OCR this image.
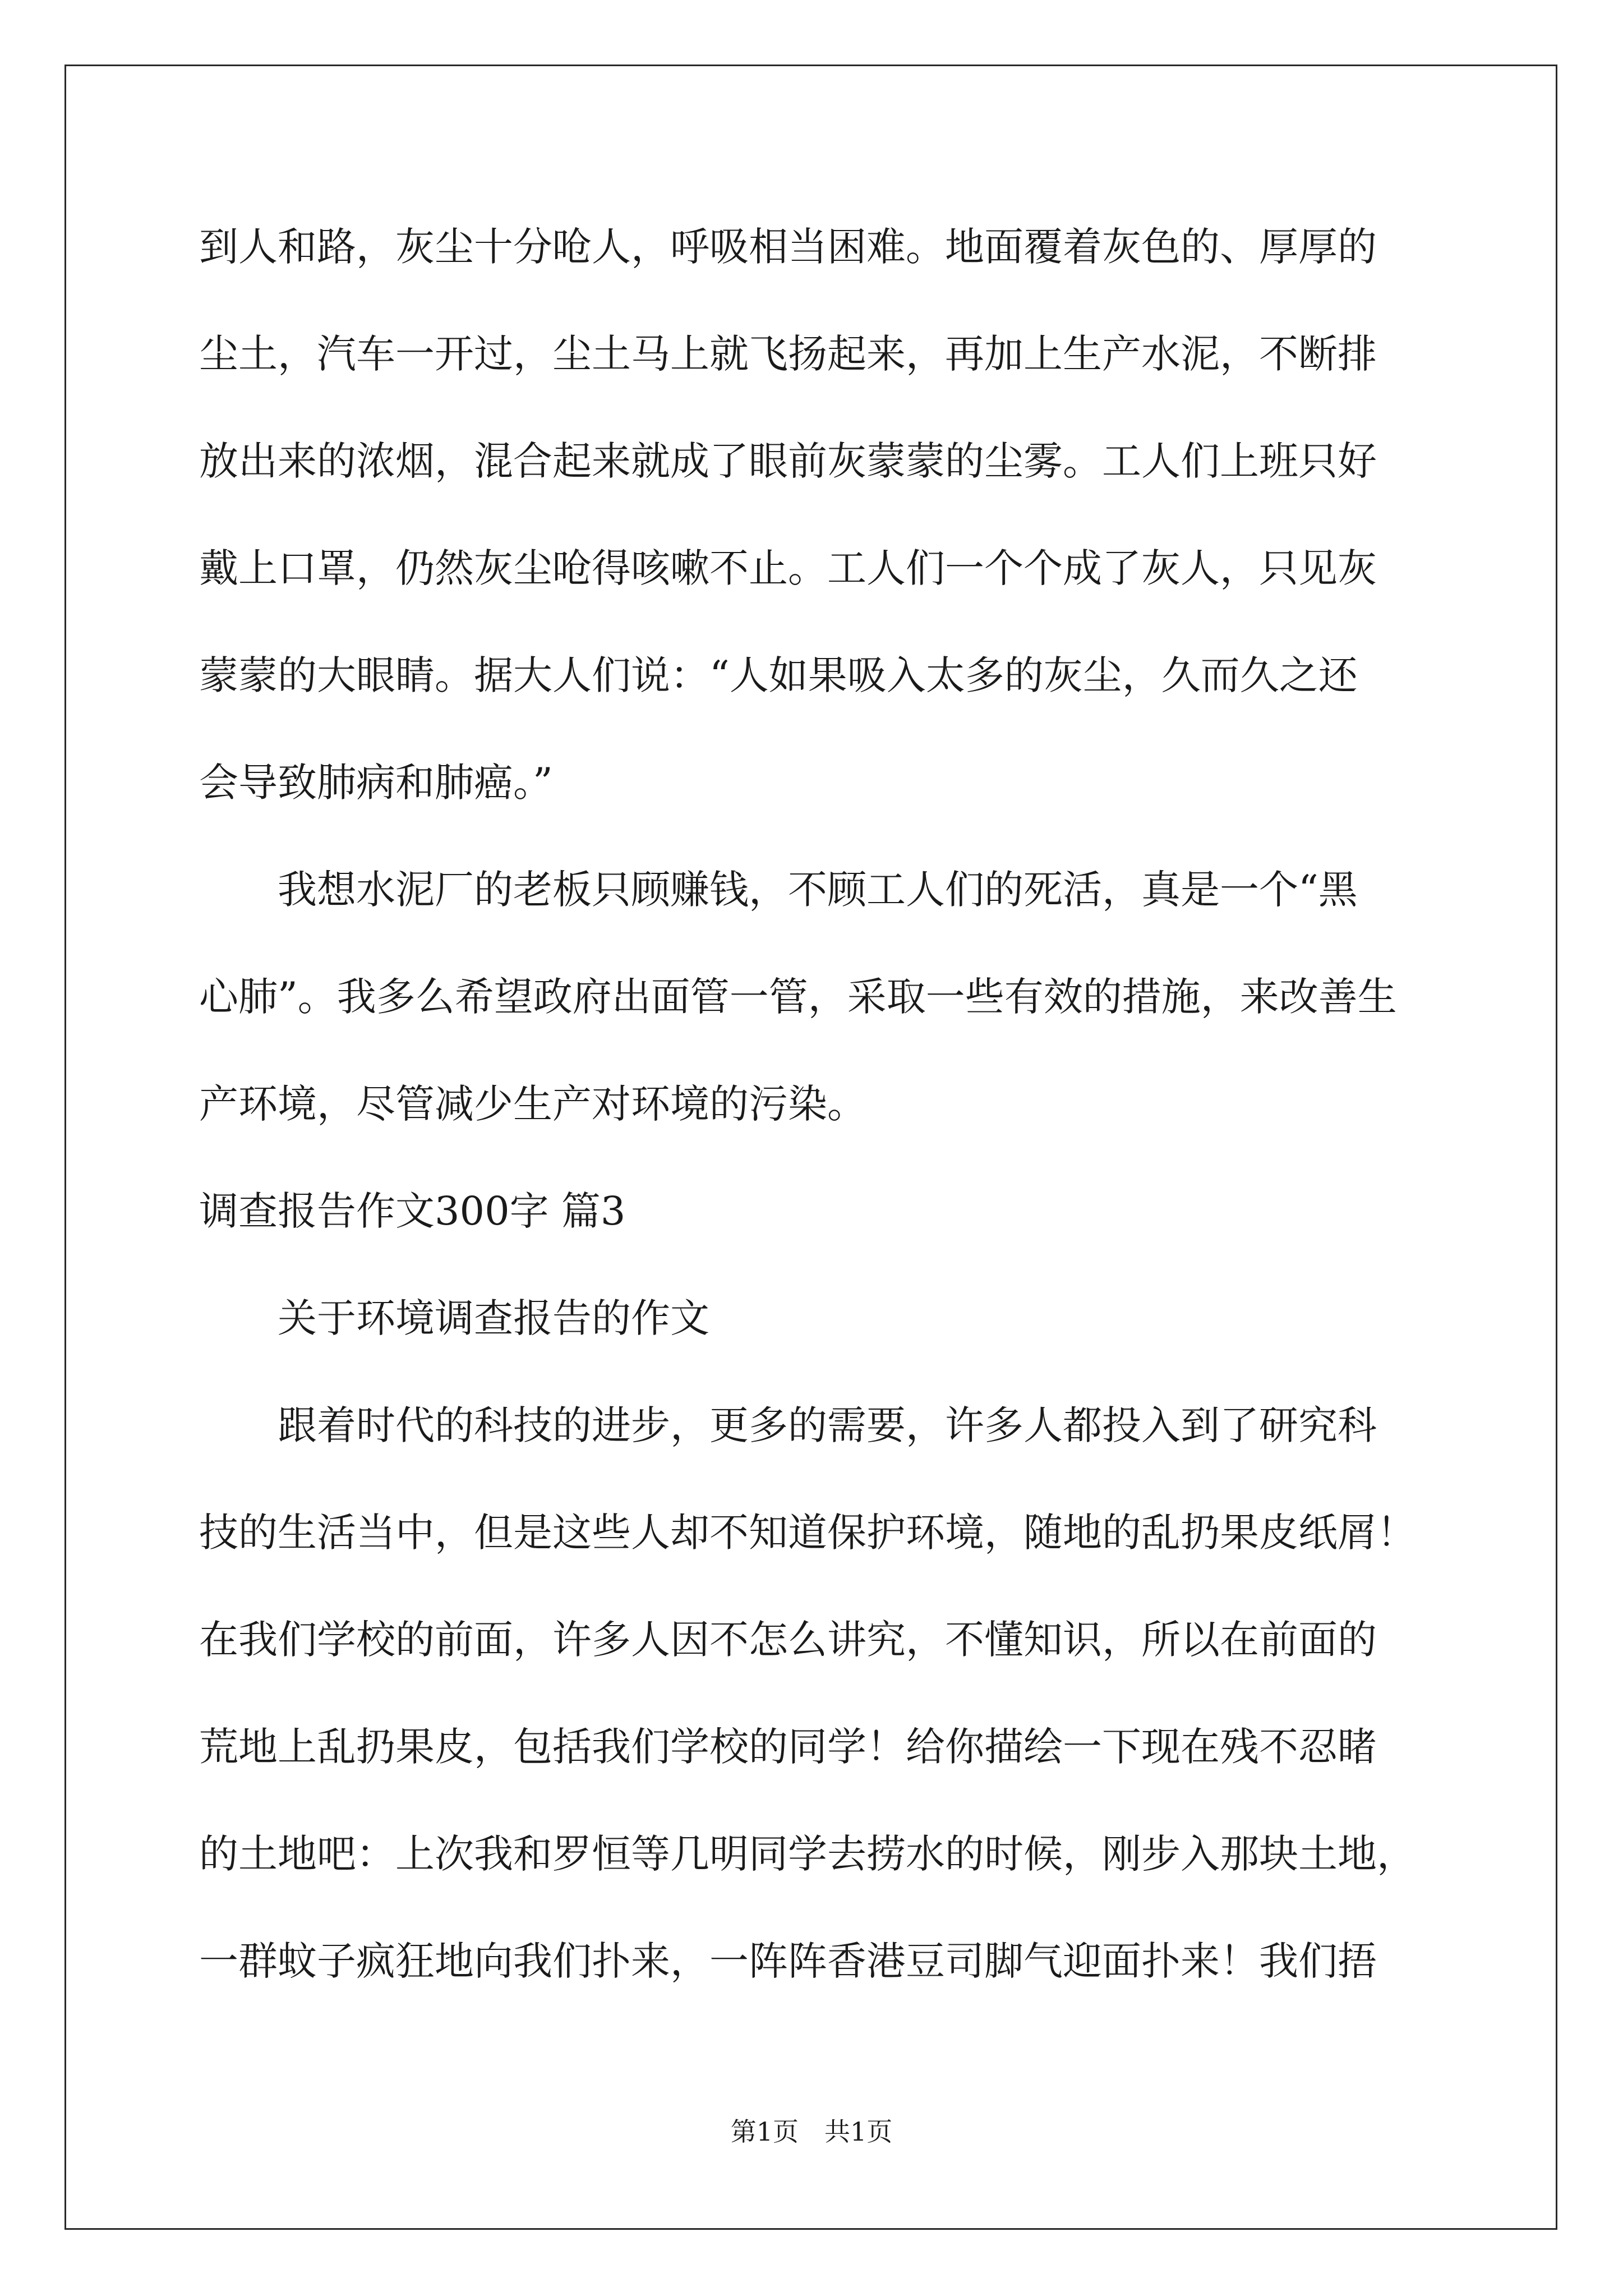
到人和路，灰尘十分呛人，呼吸相当困难。地面覆着灰色的、厚厚的
尘土，汽车一开过，尘土马上就飞扬起来，再加上生产水泥，不断排
放出来的浓烟，混合起来就成了眼前灰蒙蒙的尘雾。工人们上班只好
戴上口罩，仍然灰尘呛得咳嗽不止。工人们一个个成了灰人，只见灰
蒙蒙的大眼睛。据大人们说：“人如果吸入太多的灰尘，久而久之还
会导致肺病和肺癌。”
　　我想水泥厂的老板只顾赚钱，不顾工人们的死活，真是一个“黑
心肺”。我多么希望政府出面管一管，采取一些有效的措施，来改善生
产环境，尽管减少生产对环境的污染。
调查报告作文300字 篇3
　　关于环境调查报告的作文
　　跟着时代的科技的进步，更多的需要，许多人都投入到了研究科
技的生活当中，但是这些人却不知道保护环境，随地的乱扔果皮纸屑！
在我们学校的前面，许多人因不怎么讲究，不懂知识，所以在前面的
荒地上乱扔果皮，包括我们学校的同学！给你描绘一下现在残不忍睹
的土地吧：上次我和罗恒等几明同学去捞水的时候，刚步入那块土地，
一群蚊子疯狂地向我们扑来，一阵阵香港豆司脚气迎面扑来！我们捂
第1页　共1页
